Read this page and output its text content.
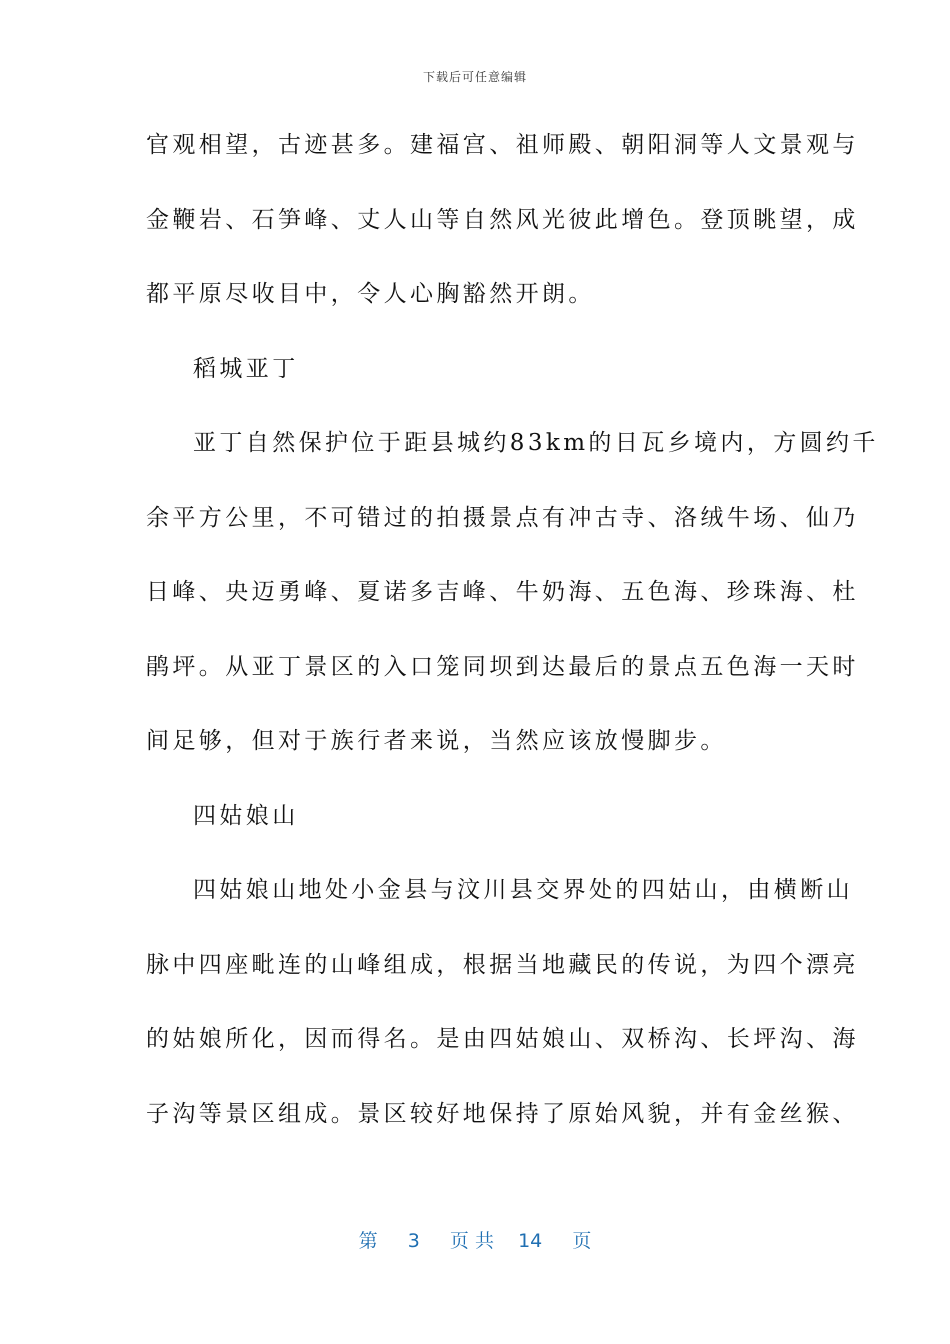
下载后可任意编辑
官观相望，古迹甚多。建福宫、祖师殿、朝阳洞等人文景观与
金鞭岩、石笋峰、丈人山等自然风光彼此增色。登顶眺望，成
都平原尽收目中，令人心胸豁然开朗。
稻城亚丁
亚丁自然保护位于距县城约83km的日瓦乡境内，方圆约千
余平方公里，不可错过的拍摄景点有冲古寺、洛绒牛场、仙乃
日峰、央迈勇峰、夏诺多吉峰、牛奶海、五色海、珍珠海、杜
鹃坪。从亚丁景区的入口笼同坝到达最后的景点五色海一天时
间足够，但对于族行者来说，当然应该放慢脚步。
四姑娘山
四姑娘山地处小金县与汶川县交界处的四姑山，由横断山
脉中四座毗连的山峰组成，根据当地藏民的传说，为四个漂亮
的姑娘所化，因而得名。是由四姑娘山、双桥沟、长坪沟、海
子沟等景区组成。景区较好地保持了原始风貌，并有金丝猴、
第 3 页 共 14 页
